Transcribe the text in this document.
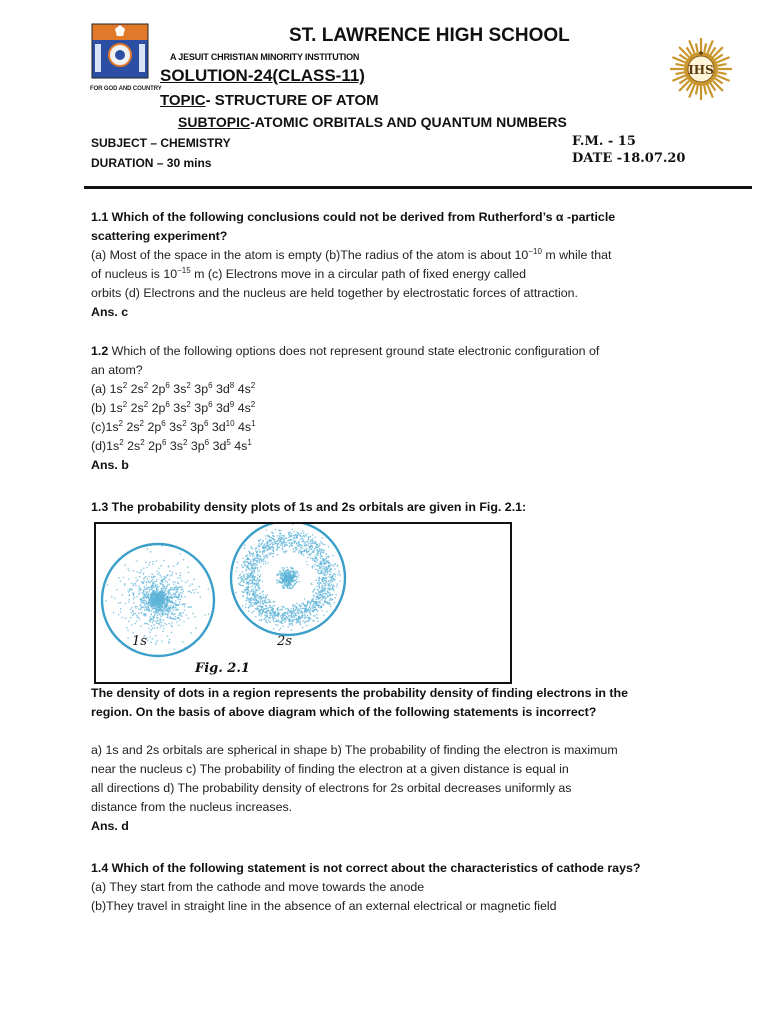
FOR GOD AND COUNTRY
ST. LAWRENCE HIGH SCHOOL
A JESUIT CHRISTIAN MINORITY INSTITUTION
SOLUTION-24(CLASS-11)
TOPIC- STRUCTURE OF ATOM
SUBTOPIC-ATOMIC ORBITALS AND QUANTUM NUMBERS
SUBJECT – CHEMISTRY
DURATION – 30 mins
F.M. - 15
DATE -18.07.20
IHS
1.1 Which of the following conclusions could not be derived from Rutherford’s α -particle
scattering experiment?
(a) Most of the space in the atom is empty (b)The radius of the atom is about $10^{-10}$ m while that
of nucleus is $10^{-15}$ m (c) Electrons move in a circular path of fixed energy called
orbits (d) Electrons and the nucleus are held together by electrostatic forces of attraction.
Ans. c
1.2 Which of the following options does not represent ground state electronic configuration of
an atom?
(a) $1s^2$ $2s^2$ $2p^6$ $3s^2$ $3p^6$ $3d^8$ $4s^2$
(b) $1s^2$ $2s^2$ $2p^6$ $3s^2$ $3p^6$ $3d^9$ $4s^2$
$(c)1s^2$ $2s^2$ $2p^6$ $3s^2$ $3p^6$ $3d^{10}$ $4s^1$
$(d)1s^2$ $2s^2$ $2p^6$ $3s^2$ $3p^6$ $3d^5$ $4s^1$
Ans. b
1.3 The probability density plots of 1s and 2s orbitals are given in Fig. 2.1:
1s	2s
Fig. 2.1
The density of dots in a region represents the probability density of finding electrons in the
region. On the basis of above diagram which of the following statements is incorrect?
a) 1s and 2s orbitals are spherical in shape b) The probability of finding the electron is maximum
near the nucleus c) The probability of finding the electron at a given distance is equal in
all directions d) The probability density of electrons for 2s orbital decreases uniformly as
distance from the nucleus increases.
Ans. d
1.4 Which of the following statement is not correct about the characteristics of cathode rays?
(a) They start from the cathode and move towards the anode
(b)They travel in straight line in the absence of an external electrical or magnetic field
